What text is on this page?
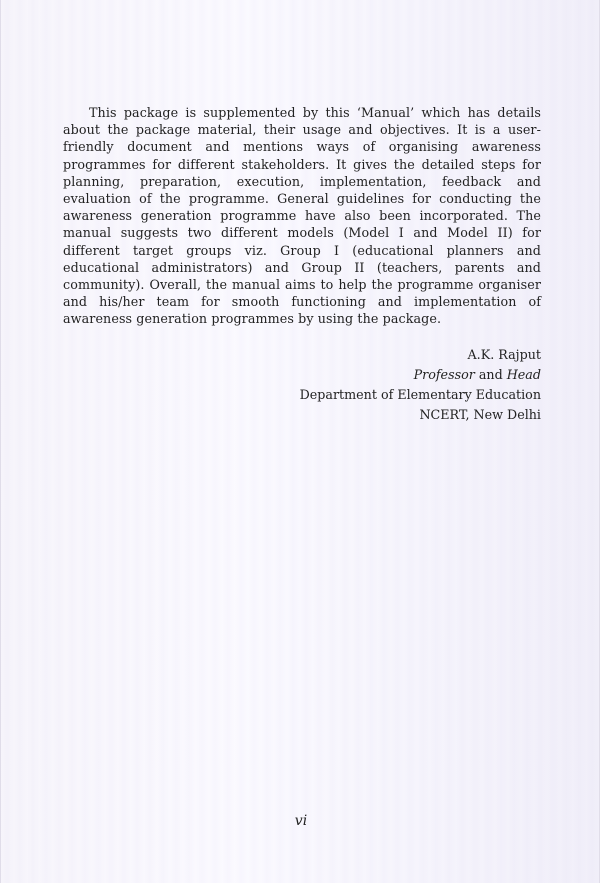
This package is supplemented by this ‘Manual’ which has details about the package material, their usage and objectives. It is a user-friendly document and mentions ways of organising awareness programmes for different stakeholders. It gives the detailed steps for planning, preparation, execution, implementation, feedback and evaluation of the programme. General guidelines for conducting the awareness generation programme have also been incorporated. The manual suggests two different models (Model I and Model II) for different target groups viz. Group I (educational planners and educational administrators) and Group II (teachers, parents and community). Overall, the manual aims to help the programme organiser and his/her team for smooth functioning and implementation of awareness generation programmes by using the package.

A.K. Rajput
Professor and Head
Department of Elementary Education
NCERT, New Delhi
vi
